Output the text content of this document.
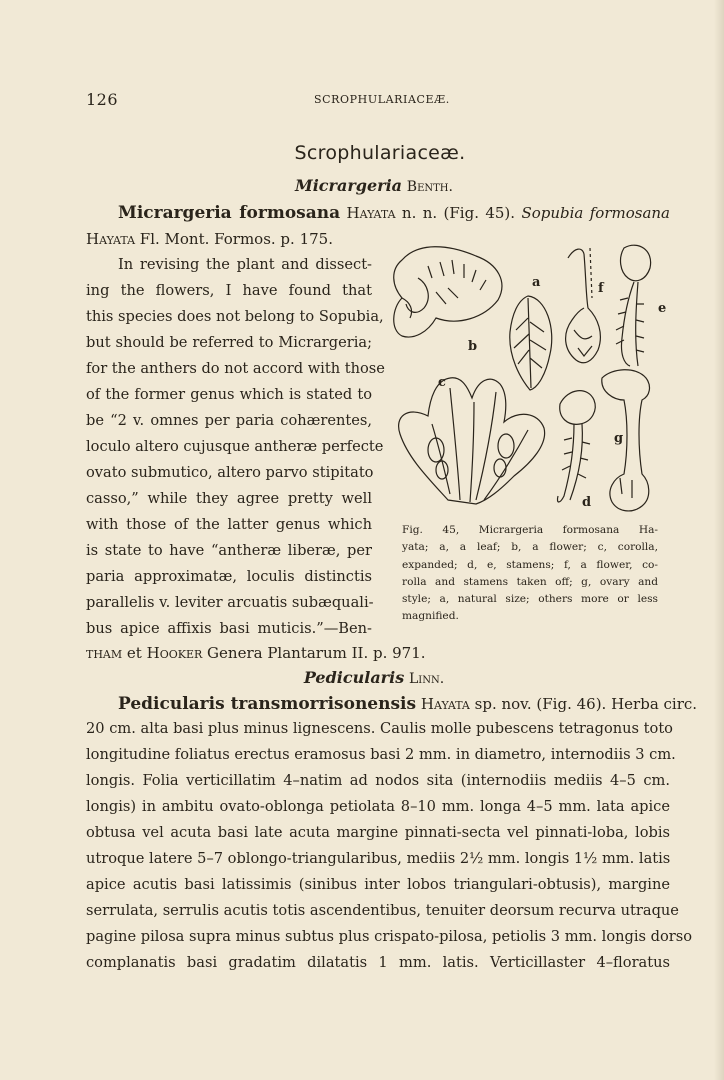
126	SCROPHULARIACEÆ.
Scrophulariaceæ.
Micrargeria Benth.
Micrargeria formosana Hayata n. n. (Fig. 45). Sopubia formosana
Hayata Fl. Mont. Formos. p. 175.
In revising the plant and dissect-
ing the flowers, I have found that
this species does not belong to Sopubia,
but should be referred to Micrargeria;
for the anthers do not accord with those
of the former genus which is stated to
be “2 v. omnes per paria cohærentes,
loculo altero cujusque antheræ perfecte
ovato submutico, altero parvo stipitato
casso,” while they agree pretty well
with those of the latter genus which
is state to have “antheræ liberæ, per
paria approximatæ, loculis distinctis
parallelis v. leviter arcuatis subæquali-
bus apice affixis basi muticis.”—Ben-
tham et Hooker Genera Plantarum II. p. 971.
a
b
c
d
e
f
g
Fig. 45, Micrargeria formosana Ha-
yata; a, a leaf; b, a flower; c, corolla,
expanded; d, e, stamens; f, a flower, co-
rolla and stamens taken off; g, ovary and
style; a, natural size; others more or less
magnified.
Pedicularis Linn.
Pedicularis transmorrisonensis Hayata sp. nov. (Fig. 46). Herba circ.
20 cm. alta basi plus minus lignescens. Caulis molle pubescens tetragonus toto
longitudine foliatus erectus eramosus basi 2 mm. in diametro, internodiis 3 cm.
longis. Folia verticillatim 4–natim ad nodos sita (internodiis mediis 4–5 cm.
longis) in ambitu ovato-oblonga petiolata 8–10 mm. longa 4–5 mm. lata apice
obtusa vel acuta basi late acuta margine pinnati-secta vel pinnati-loba, lobis
utroque latere 5–7 oblongo-triangularibus, mediis 2½ mm. longis 1½ mm. latis
apice acutis basi latissimis (sinibus inter lobos triangulari-obtusis), margine
serrulata, serrulis acutis totis ascendentibus, tenuiter deorsum recurva utraque
pagine pilosa supra minus subtus plus crispato-pilosa, petiolis 3 mm. longis dorso
complanatis basi gradatim dilatatis 1 mm. latis. Verticillaster 4–floratus
